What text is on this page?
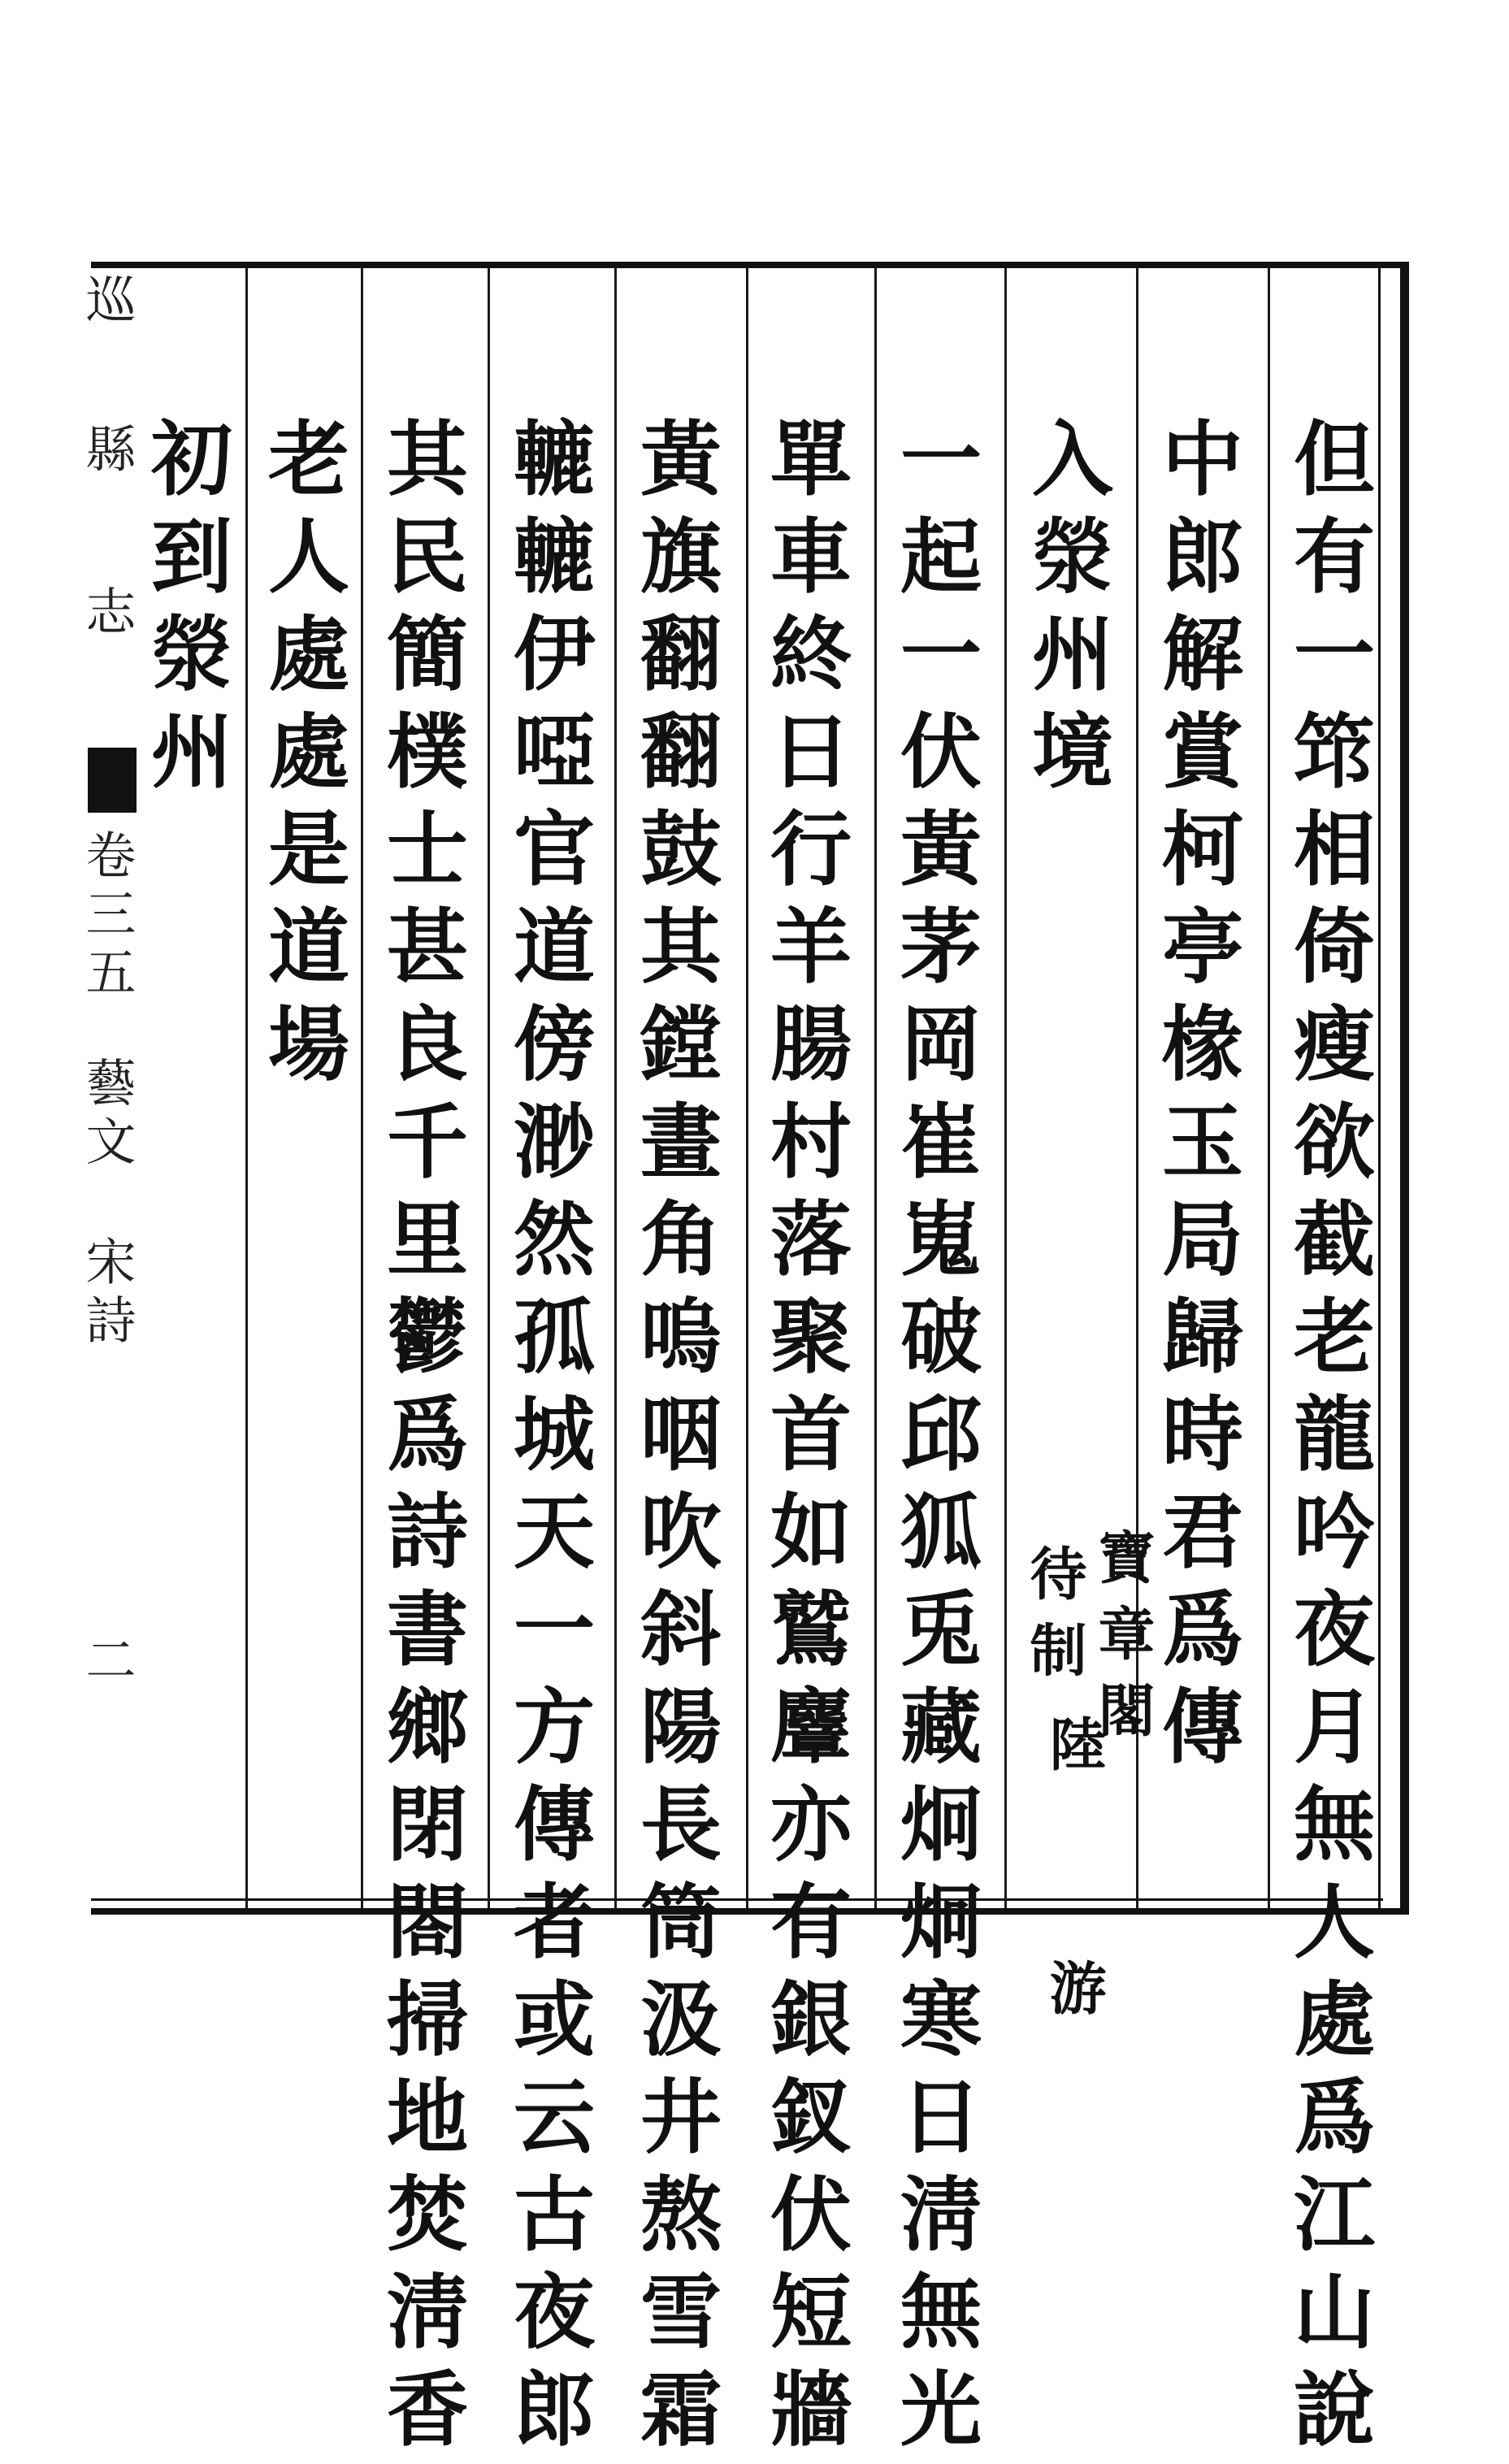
巡
縣
志
卷三五
藝文
宋詩
二	但有一筇相倚瘦欲截老龍吟夜月無人處爲江山說
中郎解賞柯亭椽玉局歸時君爲傳
入滎州境
寶章閣
待制
陸　游
一起一伏黃茅岡崔嵬破邱狐兎藏炯炯寒日淸無光
單車終日行羊腸村落聚首如鷲麞亦有銀釵伏短牆
黃旗翻翻鼓其鏜畫角嗚咽吹斜陽長筒汲井熬雪霜
轆轆伊啞官道傍渺然孤城天一方傳者或云古夜郎
其民簡樸士甚良千里鬱爲詩書鄉閉閤掃地焚淸香
老人處處是道場
初到滎州
